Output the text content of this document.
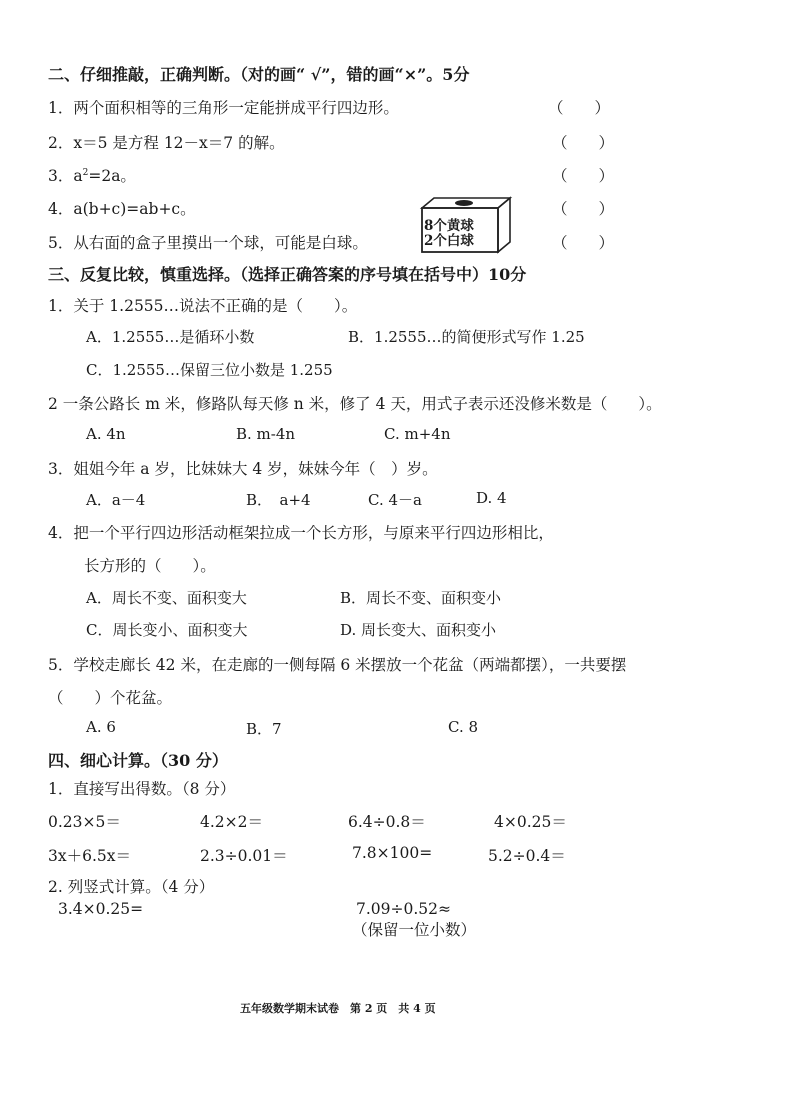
二、仔细推敲，正确判断。（对的画“ √”，错的画“×”。5分
1．两个面积相等的三角形一定能拼成平行四边形。	（　　）
2．x＝5 是方程 12－x＝7 的解。	（　　）
3．$a^2=2a$。	（　　）
4．a(b+c)=ab+c。	（　　）
5．从右面的盒子里摸出一个球，可能是白球。	（　　）
8个黄球
2个白球
三、反复比较，慎重选择。（选择正确答案的序号填在括号中）10分
1．关于 1.2555…说法不正确的是（　　）。
A．1.2555…是循环小数	B．1.2555…的简便形式写作 1.25
C．1.2555…保留三位小数是 1.255
2 一条公路长 m 米，修路队每天修 n 米，修了 4 天，用式子表示还没修米数是（　　）。
A. 4n	B. m-4n	C. m+4n
3．姐姐今年 a 岁，比妹妹大 4 岁，妹妹今年（　）岁。
A．a－4	B．　a+4	C. 4－a	D. 4
4．把一个平行四边形活动框架拉成一个长方形，与原来平行四边形相比，
长方形的（　　）。
A．周长不变、面积变大	B．周长不变、面积变小
C．周长变小、面积变大	D. 周长变大、面积变小
5．学校走廊长 42 米，在走廊的一侧每隔 6 米摆放一个花盆（两端都摆），一共要摆
（　　）个花盆。
A. 6	B．7	C. 8
四、细心计算。（30 分）
1．直接写出得数。（8 分）
0.23×5＝	4.2×2＝	6.4÷0.8＝	4×0.25＝
3x＋6.5x＝	2.3÷0.01＝	7.8×100=	5.2÷0.4＝
2. 列竖式计算。（4 分）
3.4×0.25=	7.09÷0.52≈
（保留一位小数）
五年级数学期末试卷　第 2 页　共 4 页
